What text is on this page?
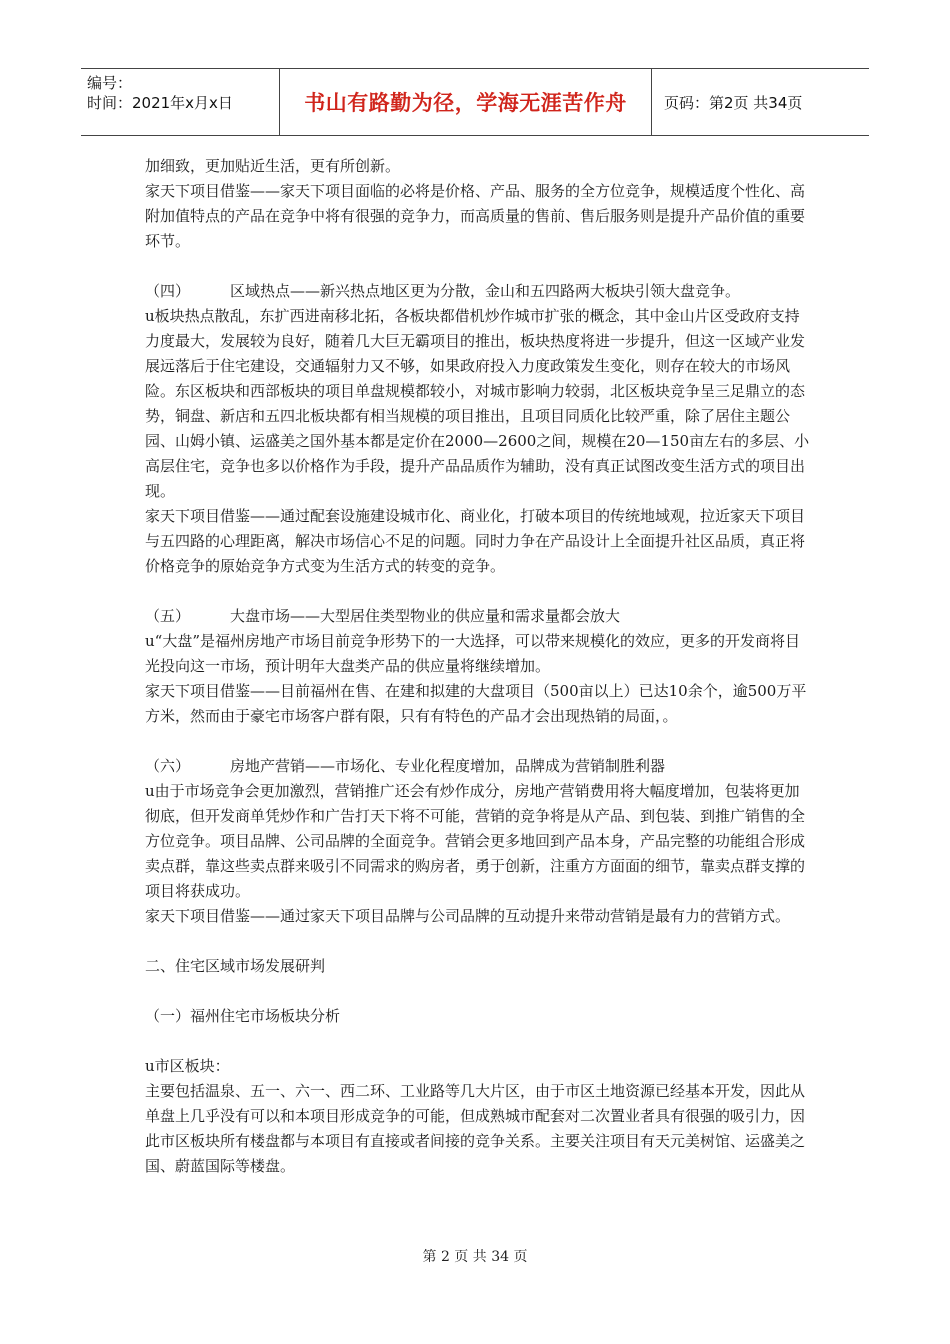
编号：
时间：2021年x月x日	书山有路勤为径，学海无涯苦作舟 页码：第2页 共34页

加细致，更加贴近生活，更有所创新。

家天下项目借鉴——家天下项目面临的必将是价格、产品、服务的全方位竞争，规模适度个性化、高附加值特点的产品在竞争中将有很强的竞争力，而高质量的售前、售后服务则是提升产品价值的重要环节。

（四）	区域热点——新兴热点地区更为分散，金山和五四路两大板块引领大盘竞争。

u板块热点散乱，东扩西进南移北拓，各板块都借机炒作城市扩张的概念，其中金山片区受政府支持力度最大，发展较为良好，随着几大巨无霸项目的推出，板块热度将进一步提升，但这一区域产业发展远落后于住宅建设，交通辐射力又不够，如果政府投入力度政策发生变化，则存在较大的市场风险。东区板块和西部板块的项目单盘规模都较小，对城市影响力较弱，北区板块竞争呈三足鼎立的态势，铜盘、新店和五四北板块都有相当规模的项目推出，且项目同质化比较严重，除了居住主题公园、山姆小镇、运盛美之国外基本都是定价在2000—2600之间，规模在20—150亩左右的多层、小高层住宅，竞争也多以价格作为手段，提升产品品质作为辅助，没有真正试图改变生活方式的项目出现。

家天下项目借鉴——通过配套设施建设城市化、商业化，打破本项目的传统地域观，拉近家天下项目与五四路的心理距离，解决市场信心不足的问题。同时力争在产品设计上全面提升社区品质，真正将价格竞争的原始竞争方式变为生活方式的转变的竞争。

（五）	大盘市场——大型居住类型物业的供应量和需求量都会放大

u“大盘”是福州房地产市场目前竞争形势下的一大选择，可以带来规模化的效应，更多的开发商将目光投向这一市场，预计明年大盘类产品的供应量将继续增加。

家天下项目借鉴——目前福州在售、在建和拟建的大盘项目（500亩以上）已达10余个，逾500万平方米，然而由于豪宅市场客户群有限，只有有特色的产品才会出现热销的局面，。

（六）	房地产营销——市场化、专业化程度增加，品牌成为营销制胜利器

u由于市场竞争会更加激烈，营销推广还会有炒作成分，房地产营销费用将大幅度增加，包装将更加彻底，但开发商单凭炒作和广告打天下将不可能，营销的竞争将是从产品、到包装、到推广销售的全方位竞争。项目品牌、公司品牌的全面竞争。营销会更多地回到产品本身，产品完整的功能组合形成卖点群，靠这些卖点群来吸引不同需求的购房者，勇于创新，注重方方面面的细节，靠卖点群支撑的项目将获成功。

家天下项目借鉴——通过家天下项目品牌与公司品牌的互动提升来带动营销是最有力的营销方式。

二、住宅区域市场发展研判

（一）福州住宅市场板块分析

u市区板块：

主要包括温泉、五一、六一、西二环、工业路等几大片区，由于市区土地资源已经基本开发，因此从单盘上几乎没有可以和本项目形成竞争的可能，但成熟城市配套对二次置业者具有很强的吸引力，因此市区板块所有楼盘都与本项目有直接或者间接的竞争关系。主要关注项目有天元美树馆、运盛美之国、蔚蓝国际等楼盘。

第 2 页 共 34 页
